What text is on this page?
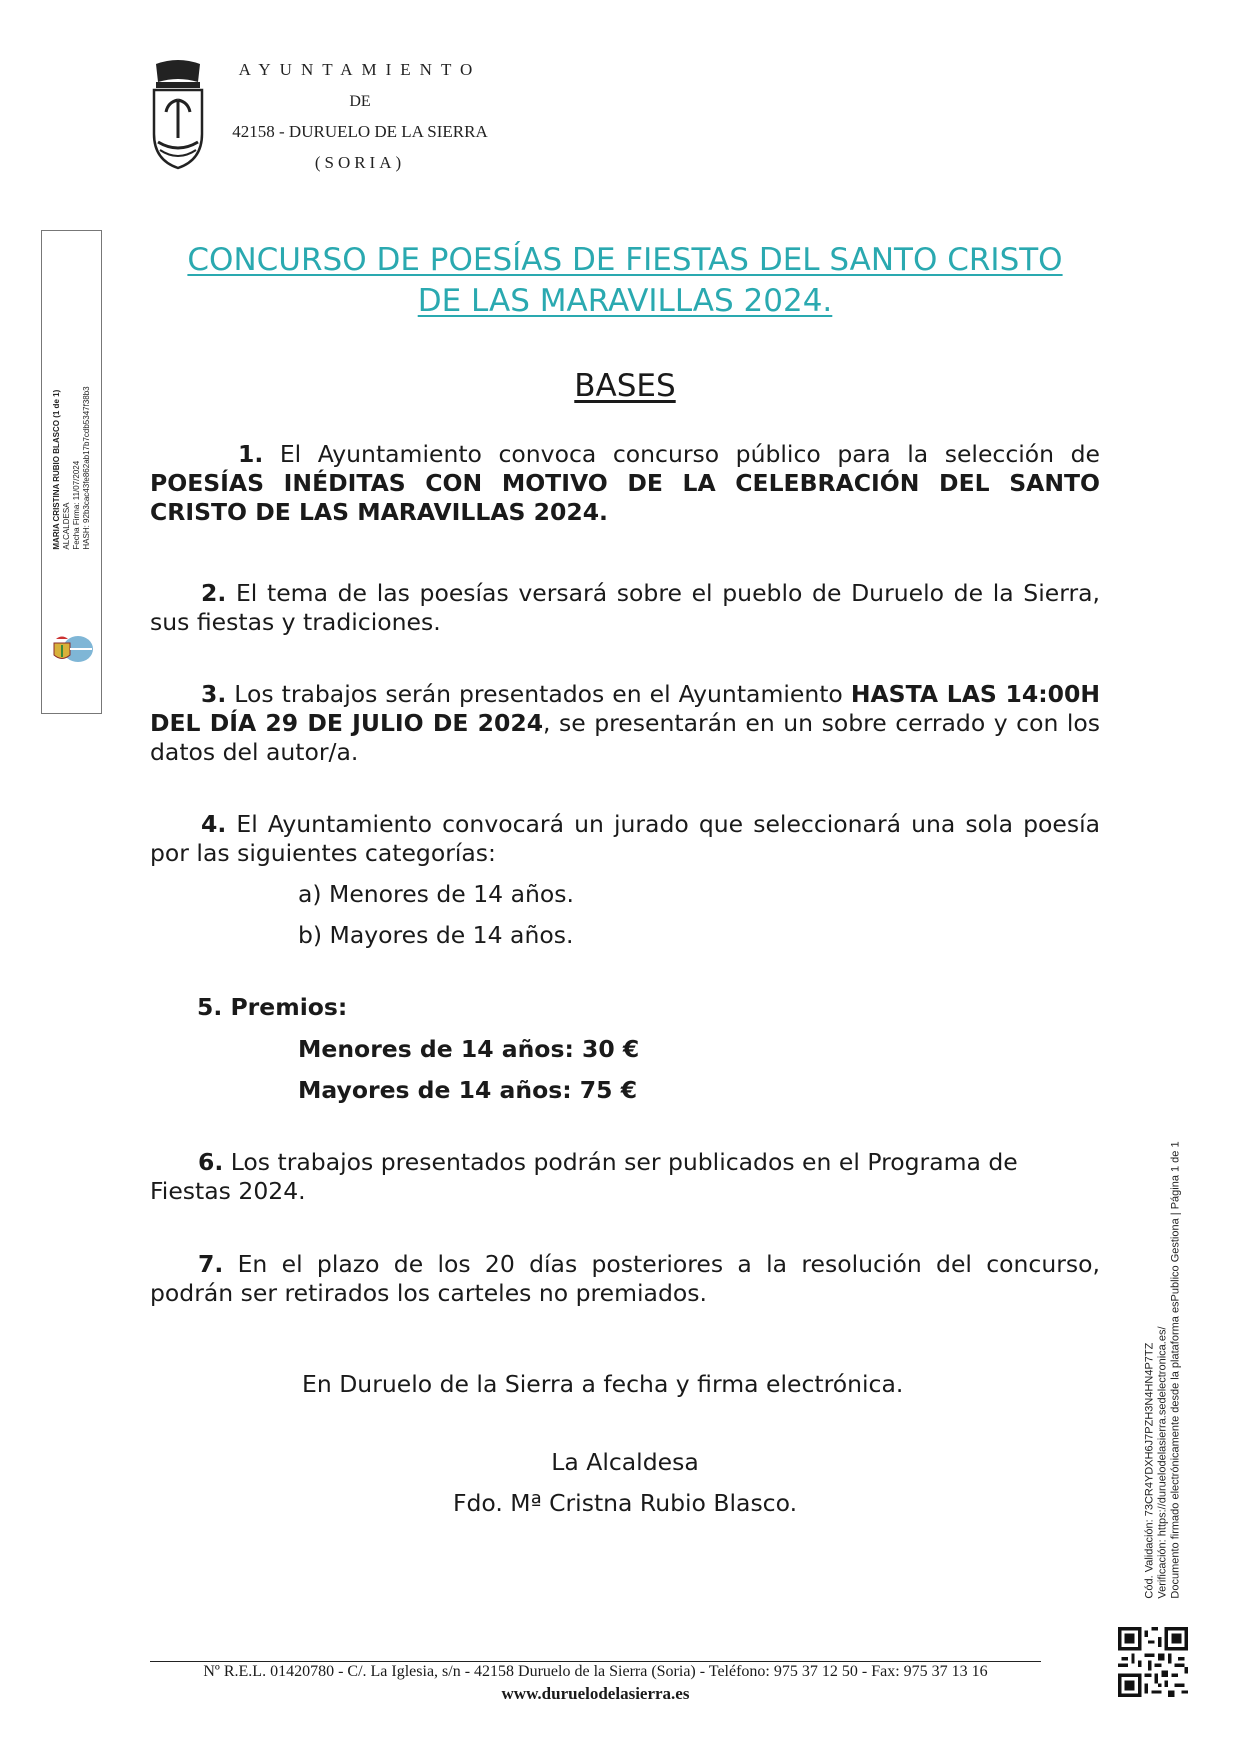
AYUNTAMIENTO
DE
42158 - DURUELO DE LA SIERRA
(SORIA)
MARIA CRISTINA RUBIO BLASCO (1 de 1) ALCALDESA Fecha Firma: 11/07/2024 HASH: 92b3cac43fe862ab17b7cdb5347f38b3
CONCURSO DE POESÍAS DE FIESTAS DEL SANTO CRISTO
DE LAS MARAVILLAS 2024.
BASES
1. El Ayuntamiento convoca concurso público para la selección de POESÍAS INÉDITAS CON MOTIVO DE LA CELEBRACIÓN DEL SANTO CRISTO DE LAS MARAVILLAS 2024.
2. El tema de las poesías versará sobre el pueblo de Duruelo de la Sierra, sus fiestas y tradiciones.
3. Los trabajos serán presentados en el Ayuntamiento HASTA LAS 14:00H DEL DÍA 29 DE JULIO DE 2024, se presentarán en un sobre cerrado y con los datos del autor/a.
4. El Ayuntamiento convocará un jurado que seleccionará una sola poesía por las siguientes categorías:
a) Menores de 14 años.
b) Mayores de 14 años.
5. Premios:
Menores de 14 años: 30 €
Mayores de 14 años: 75 €
6. Los trabajos presentados podrán ser publicados en el Programa de Fiestas 2024.
7. En el plazo de los 20 días posteriores a la resolución del concurso, podrán ser retirados los carteles no premiados.
En Duruelo de la Sierra a fecha y firma electrónica.
La Alcaldesa
Fdo. Mª Cristna Rubio Blasco.
Nº R.E.L. 01420780 - C/. La Iglesia, s/n - 42158 Duruelo de la Sierra (Soria) - Teléfono: 975 37 12 50 - Fax: 975 37 13 16
www.duruelodelasierra.es
Cód. Validación: 73CR4YDXH6J7PZH3N4HN4P7TZ Verificación: https://duruelodelasierra.sedelectronica.es/ Documento firmado electrónicamente desde la plataforma esPublico Gestiona | Página 1 de 1
